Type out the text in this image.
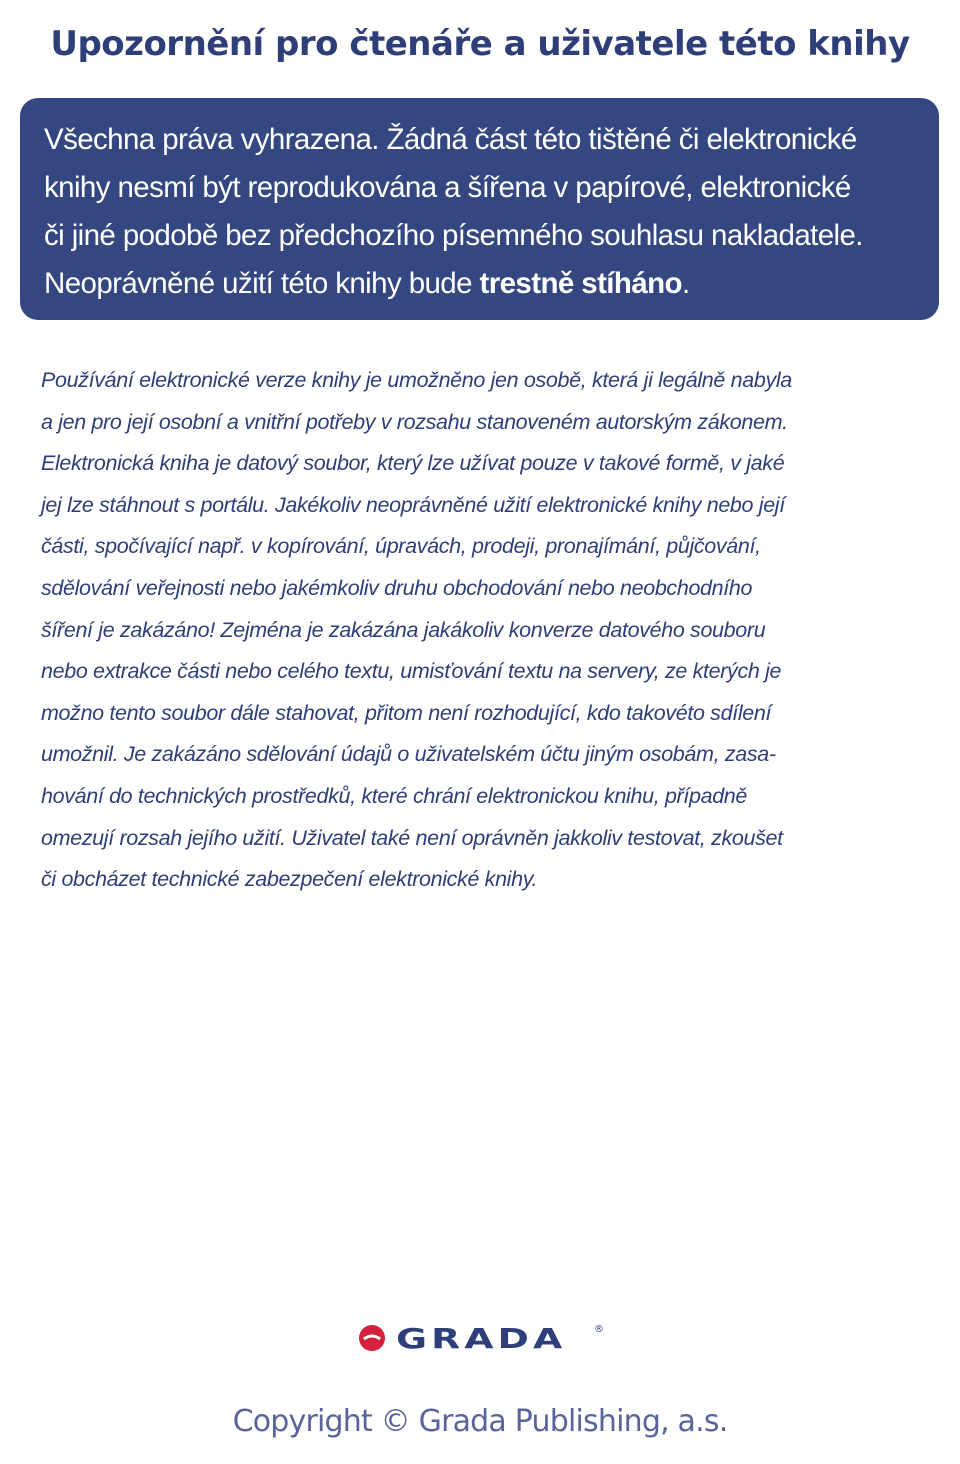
Upozornění pro čtenáře a uživatele této knihy
Všechna práva vyhrazena. Žádná část této tištěné či elektronické
knihy nesmí být reprodukována a šířena v papírové, elektronické
či jiné podobě bez předchozího písemného souhlasu nakladatele.
Neoprávněné užití této knihy bude trestně stíháno.

Používání elektronické verze knihy je umožněno jen osobě, která ji legálně nabyla
a jen pro její osobní a vnitřní potřeby v rozsahu stanoveném autorským zákonem.
Elektronická kniha je datový soubor, který lze užívat pouze v takové formě, v jaké
jej lze stáhnout s portálu. Jakékoliv neoprávněné užití elektronické knihy nebo její
části, spočívající např. v kopírování, úpravách, prodeji, pronajímání, půjčování,
sdělování veřejnosti nebo jakémkoliv druhu obchodování nebo neobchodního
šíření je zakázáno! Zejména je zakázána jakákoliv konverze datového souboru
nebo extrakce části nebo celého textu, umisťování textu na servery, ze kterých je
možno tento soubor dále stahovat, přitom není rozhodující, kdo takovéto sdílení
umožnil. Je zakázáno sdělování údajů o uživatelském účtu jiným osobám, zasa-
hování do technických prostředků, které chrání elektronickou knihu, případně
omezují rozsah jejího užití. Uživatel také není oprávněn jakkoliv testovat, zkoušet
či obcházet technické zabezpečení elektronické knihy.

GRADA	®

Copyright © Grada Publishing, a.s.
